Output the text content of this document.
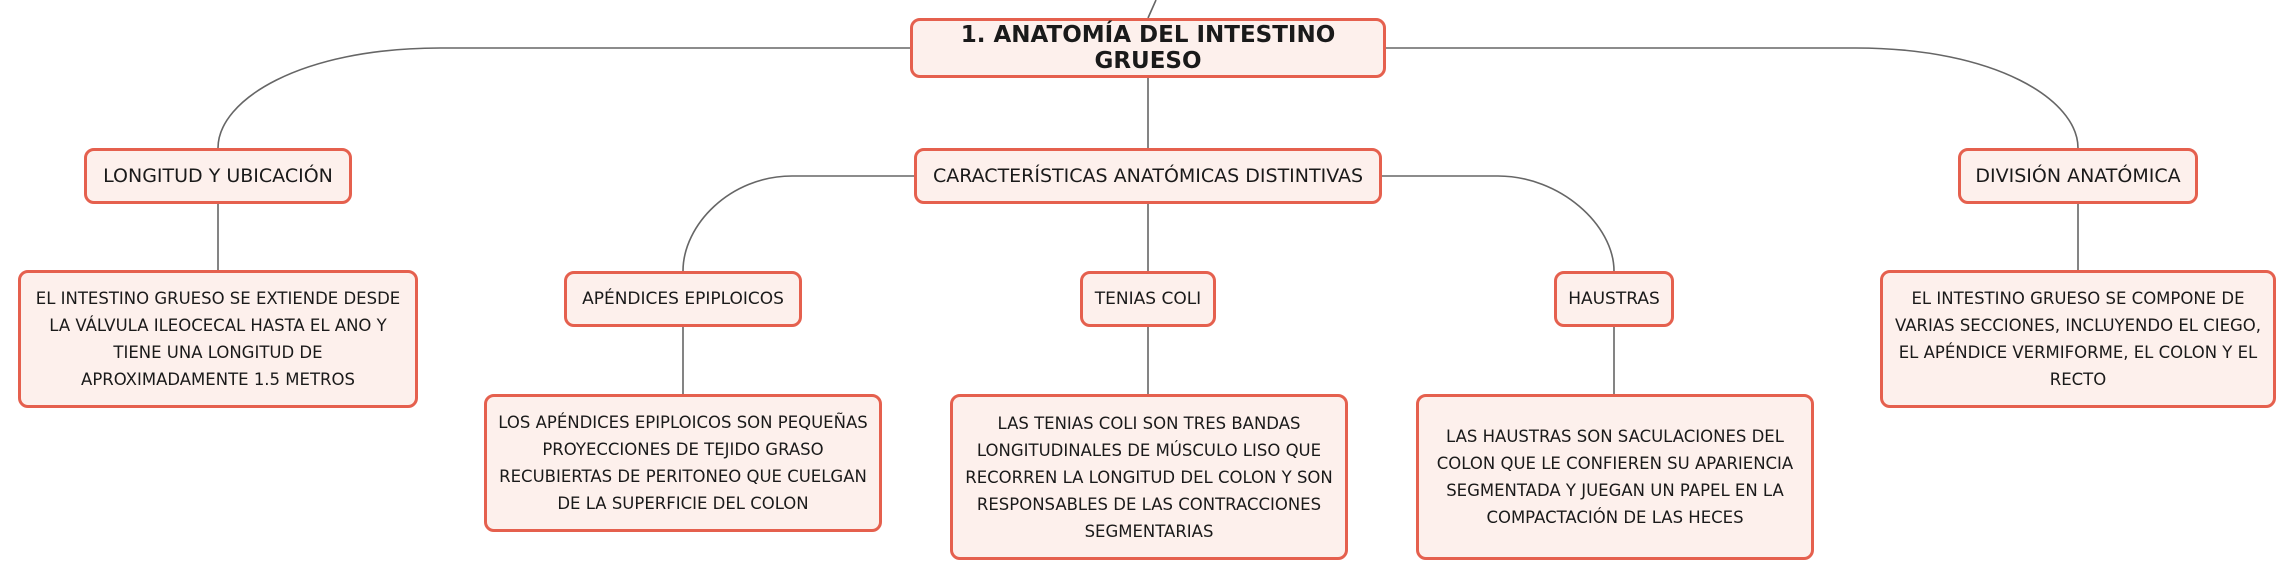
1. ANATOMÍA DEL INTESTINO GRUESO
LONGITUD Y UBICACIÓN	CARACTERÍSTICAS ANATÓMICAS DISTINTIVAS	DIVISIÓN ANATÓMICA
EL INTESTINO GRUESO SE EXTIENDE DESDE LA VÁLVULA ILEOCECAL HASTA EL ANO Y TIENE UNA LONGITUD DE APROXIMADAMENTE 1.5 METROS
APÉNDICES EPIPLOICOS	TENIAS COLI	HAUSTRAS	EL INTESTINO GRUESO SE COMPONE DE VARIAS SECCIONES, INCLUYENDO EL CIEGO, EL APÉNDICE VERMIFORME, EL COLON Y EL RECTO
LOS APÉNDICES EPIPLOICOS SON PEQUEÑAS PROYECCIONES DE TEJIDO GRASO RECUBIERTAS DE PERITONEO QUE CUELGAN DE LA SUPERFICIE DEL COLON
LAS TENIAS COLI SON TRES BANDAS LONGITUDINALES DE MÚSCULO LISO QUE RECORREN LA LONGITUD DEL COLON Y SON RESPONSABLES DE LAS CONTRACCIONES SEGMENTARIAS
LAS HAUSTRAS SON SACULACIONES DEL COLON QUE LE CONFIEREN SU APARIENCIA SEGMENTADA Y JUEGAN UN PAPEL EN LA COMPACTACIÓN DE LAS HECES
